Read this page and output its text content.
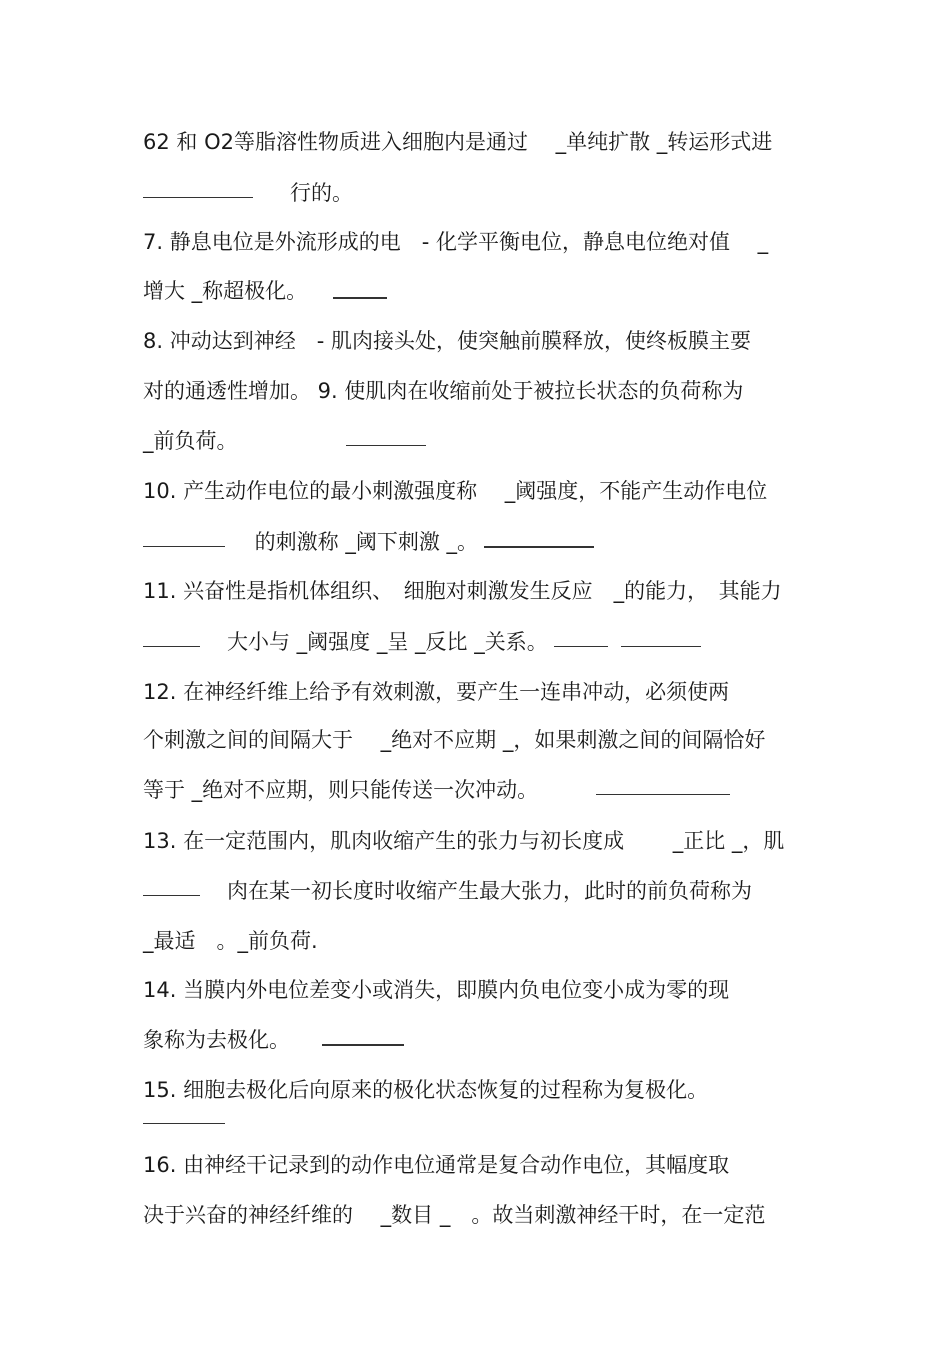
62 和 O2等脂溶性物质进入细胞内是通过　 _单纯扩散 _转运形式进
　　　　　　　行的。
7. 静息电位是外流形成的电　- 化学平衡电位，静息电位绝对值　 _
增大 _称超极化。
8. 冲动达到神经　- 肌肉接头处，使突触前膜释放，使终板膜主要
对的通透性增加。 9. 使肌肉在收缩前处于被拉长状态的负荷称为
_前负荷。
10. 产生动作电位的最小刺激强度称　 _阈强度，不能产生动作电位
　　　　　 的刺激称 _阈下刺激 _。
11. 兴奋性是指机体组织、　细胞对刺激发生反应　_的能力，　其能力
　　　　大小与 _阈强度 _呈 _反比 _关系。
12. 在神经纤维上给予有效刺激，要产生一连串冲动，必须使两
个刺激之间的间隔大于　 _绝对不应期 _，如果刺激之间的间隔恰好
等于 _绝对不应期，则只能传送一次冲动。
13. 在一定范围内，肌肉收缩产生的张力与初长度成　　 _正比 _，肌
　　　　肉在某一初长度时收缩产生最大张力，此时的前负荷称为
_最适　。_前负荷.
14. 当膜内外电位差变小或消失，即膜内负电位变小成为零的现
象称为去极化。
15. 细胞去极化后向原来的极化状态恢复的过程称为复极化。
16. 由神经干记录到的动作电位通常是复合动作电位，其幅度取
决于兴奋的神经纤维的　 _数目 _　。故当刺激神经干时，在一定范
